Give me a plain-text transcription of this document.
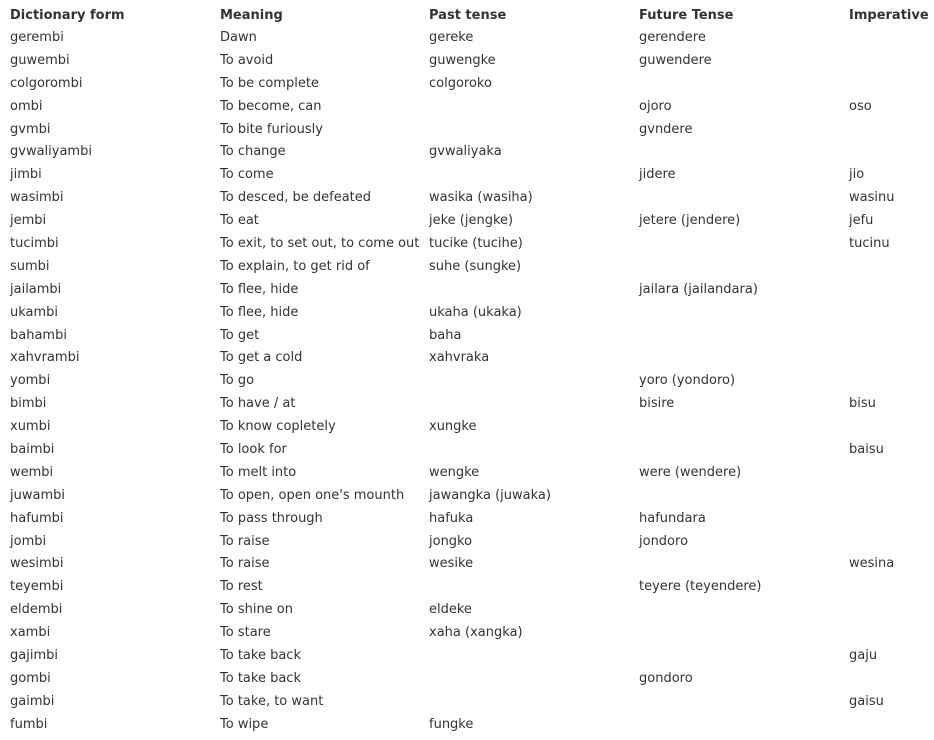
Dictionary form	Meaning	Past tense	Future Tense	Imperative
gerembi	Dawn	gereke	gerendere	
guwembi	To avoid	guwengke	guwendere	
colgorombi	To be complete	colgoroko		
ombi	To become, can		ojoro	oso
gvmbi	To bite furiously		gvndere	
gvwaliyambi	To change	gvwaliyaka		
jimbi	To come		jidere	jio
wasimbi	To desced, be defeated	wasika (wasiha)		wasinu
jembi	To eat	jeke (jengke)	jetere (jendere)	jefu
tucimbi	To exit, to set out, to come out	tucike (tucihe)		tucinu
sumbi	To explain, to get rid of	suhe (sungke)		
jailambi	To flee, hide		jailara (jailandara)	
ukambi	To flee, hide	ukaha (ukaka)		
bahambi	To get	baha		
xahvrambi	To get a cold	xahvraka		
yombi	To go		yoro (yondoro)	
bimbi	To have / at		bisire	bisu
xumbi	To know copletely	xungke		
baimbi	To look for			baisu
wembi	To melt into	wengke	were (wendere)	
juwambi	To open, open one's mounth	jawangka (juwaka)		
hafumbi	To pass through	hafuka	hafundara	
jombi	To raise	jongko	jondoro	
wesimbi	To raise	wesike		wesina
teyembi	To rest		teyere (teyendere)	
eldembi	To shine on	eldeke		
xambi	To stare	xaha (xangka)		
gajimbi	To take back			gaju
gombi	To take back		gondoro	
gaimbi	To take, to want			gaisu
fumbi	To wipe	fungke		
